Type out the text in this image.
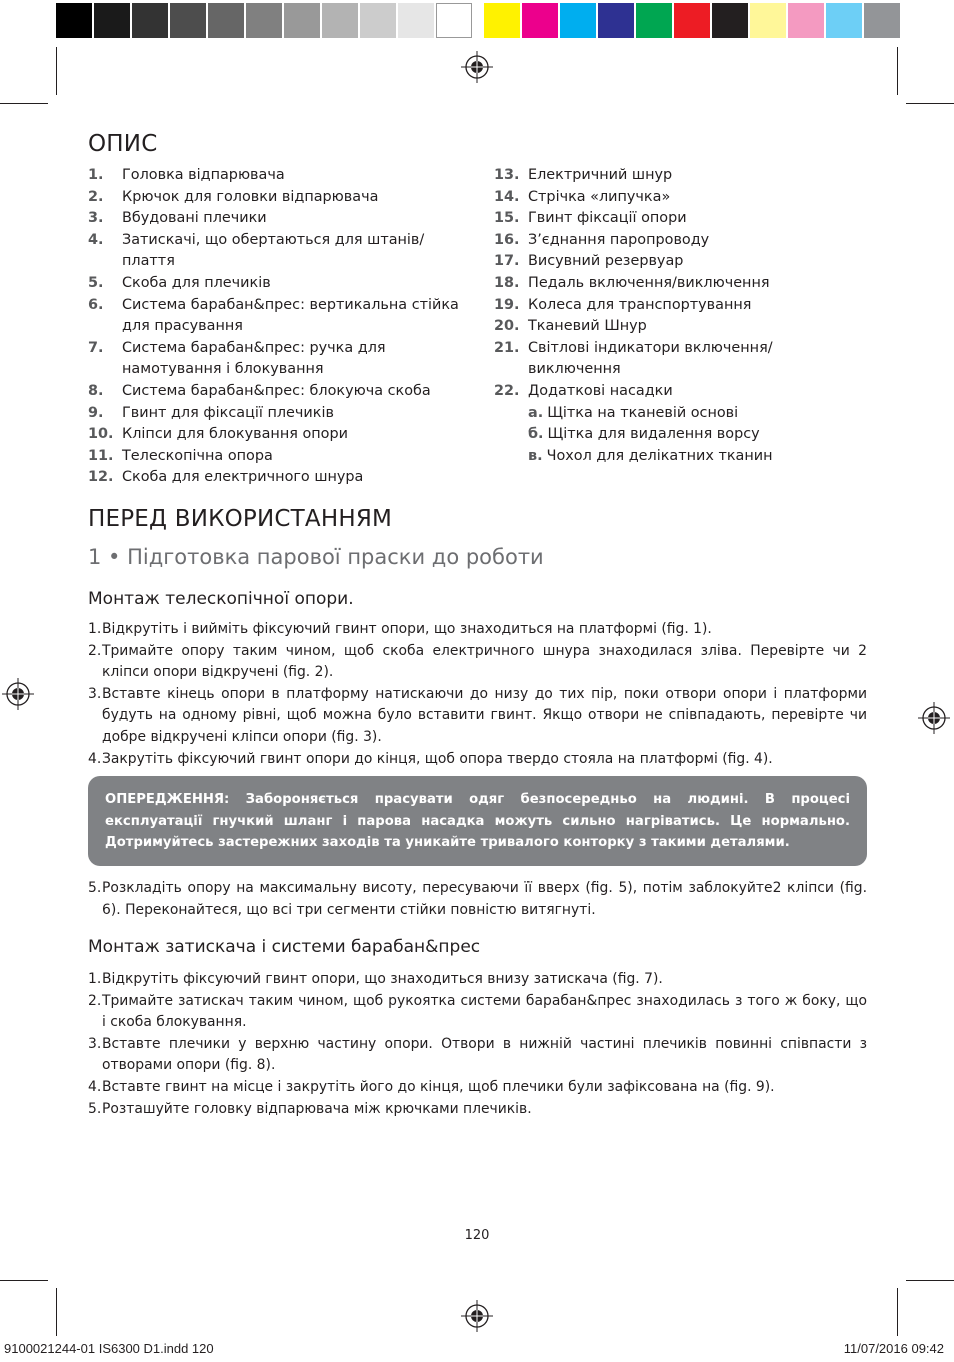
ОПИС
1.	Головка відпарювача
2.	Крючок для головки відпарювача
3.	Вбудовані плечики
4.	Затискачі, що обертаються для штанів/ плаття
5.	Скоба для плечиків
6.	Система барабан&прес: вертикальна стійка для прасування
7.	Система барабан&прес: ручка для намотування і блокування
8.	Система барабан&прес: блокуюча скоба
9.	Гвинт для фіксації плечиків
10. Кліпси для блокування опори
11. Телескопічна опора
12. Скоба для електричного шнура
13. Електричний шнур
14. Стрічка «липучка»
15. Гвинт фіксації опори
16. З’єднання паропроводу
17. Висувний резервуар
18. Педаль включення/виключення
19. Колеса для транспортування
20. Тканевий Шнур
21. Світлові індикатори включення/ виключення
22. Додаткові насадки
а. Щітка на тканевій основі
б. Щітка для видалення ворсу
в. Чохол для делікатних тканин
ПЕРЕД ВИКОРИСТАННЯМ
1 • Підготовка парової праски до роботи
Монтаж телескопічної опори.
1. Відкрутіть і вийміть фіксуючий гвинт опори, що знаходиться на платформі (fig. 1).
2. Тримайте опору таким чином, щоб скоба електричного шнура знаходилася зліва. Перевірте чи 2 кліпси опори відкручені (fig. 2).
3. Вставте кінець опори в платформу натискаючи до низу до тих пір, поки отвори опори і платформи будуть на одному рівні, щоб можна було вставити гвинт. Якщо отвори не співпадають, перевірте чи добре відкручені кліпси опори (fig. 3).
4. Закрутіть фіксуючий гвинт опори до кінця, щоб опора твердо стояла на платформі (fig. 4).
ОПЕРЕДЖЕННЯ: Забороняється прасувати одяг безпосередньо на людині. В процесі експлуатації гнучкий шланг і парова насадка можуть сильно нагріватись. Це нормально. Дотримуйтесь застережних заходів та уникайте тривалого конторку з такими деталями.
5. Розкладіть опору на максимальну висоту, пересуваючи її вверх (fig. 5), потім заблокуйте2 кліпси (fig. 6). Переконайтеся, що всі три сегменти стійки повністю витягнуті.
Монтаж затискача і системи барабан&прес
1. Відкрутіть фіксуючий гвинт опори, що знаходиться внизу затискача (fig. 7).
2. Тримайте затискач таким чином, щоб рукоятка системи барабан&прес знаходилась з того ж боку, що і скоба блокування.
3. Вставте плечики у верхню частину опори. Отвори в нижній частині плечиків повинні співпасти з отворами опори (fig. 8).
4. Вставте гвинт на місце і закрутіть його до кінця, щоб плечики були зафіксована на (fig. 9).
5. Розташуйте головку відпарювача між крючками плечиків.
120
9100021244-01 IS6300 D1.indd 120	11/07/2016 09:42
